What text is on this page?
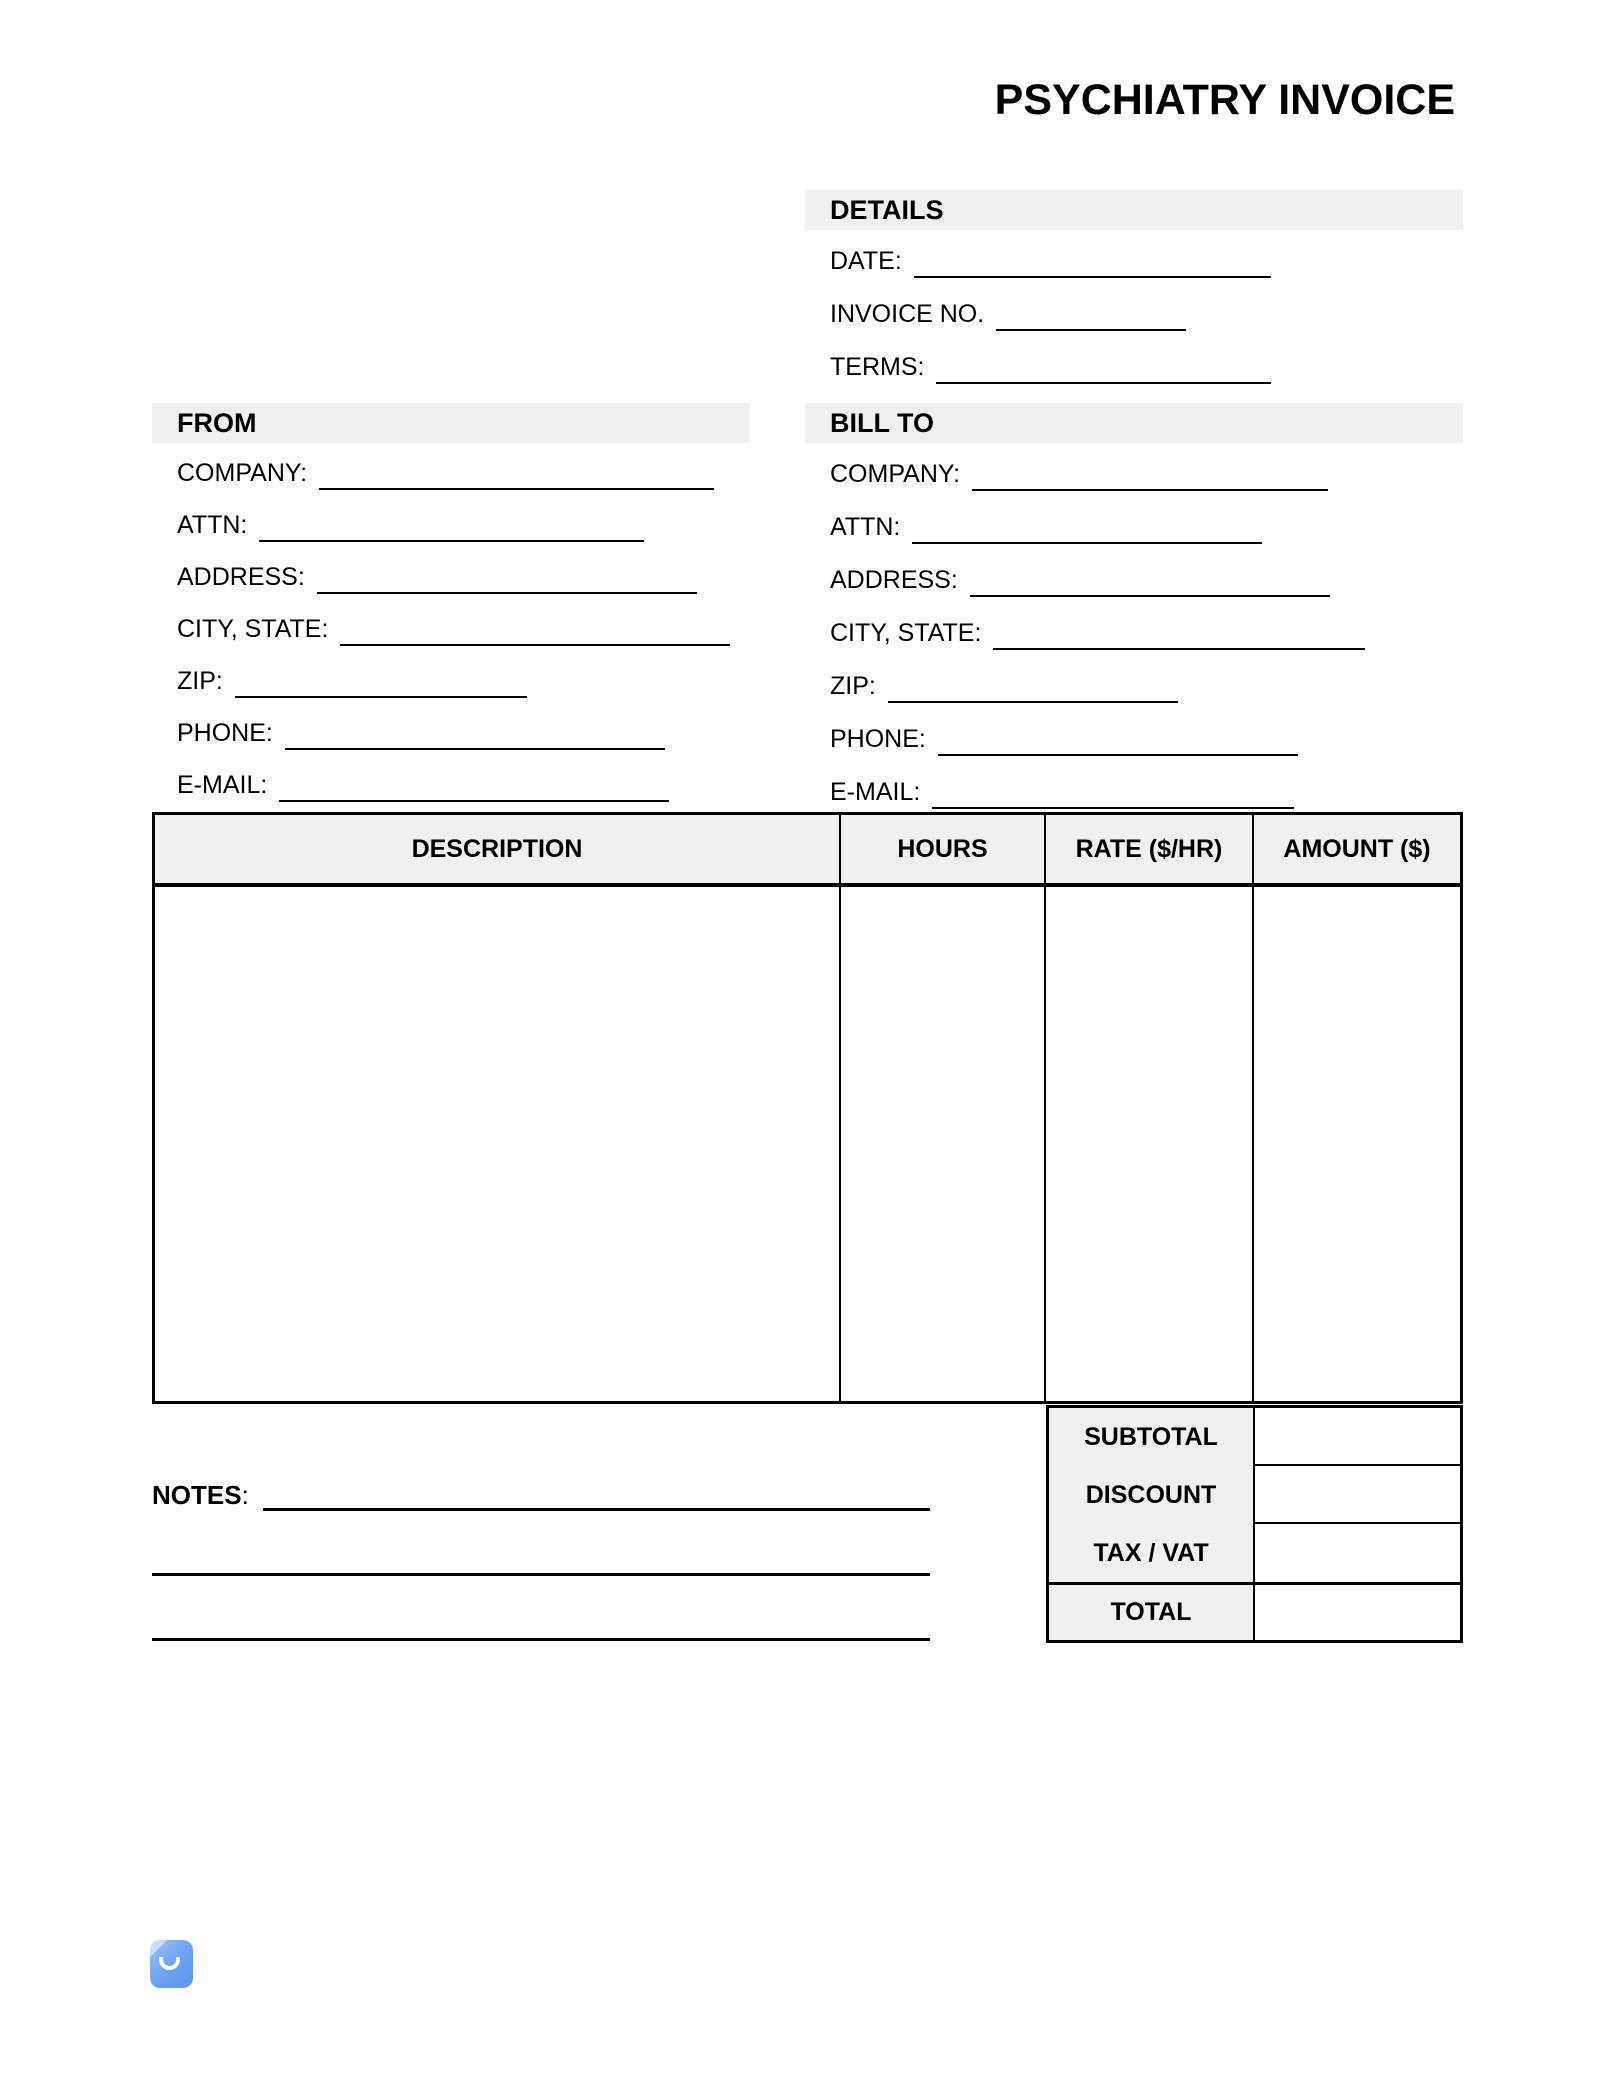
PSYCHIATRY INVOICE
DETAILS
DATE:
INVOICE NO.
TERMS:
FROM
COMPANY:
ATTN:
ADDRESS:
CITY, STATE:
ZIP:
PHONE:
E-MAIL:
BILL TO
COMPANY:
ATTN:
ADDRESS:
CITY, STATE:
ZIP:
PHONE:
E-MAIL:
DESCRIPTION	HOURS	RATE ($/HR)	AMOUNT ($)
SUBTOTAL
DISCOUNT
TAX / VAT
TOTAL
NOTES:
